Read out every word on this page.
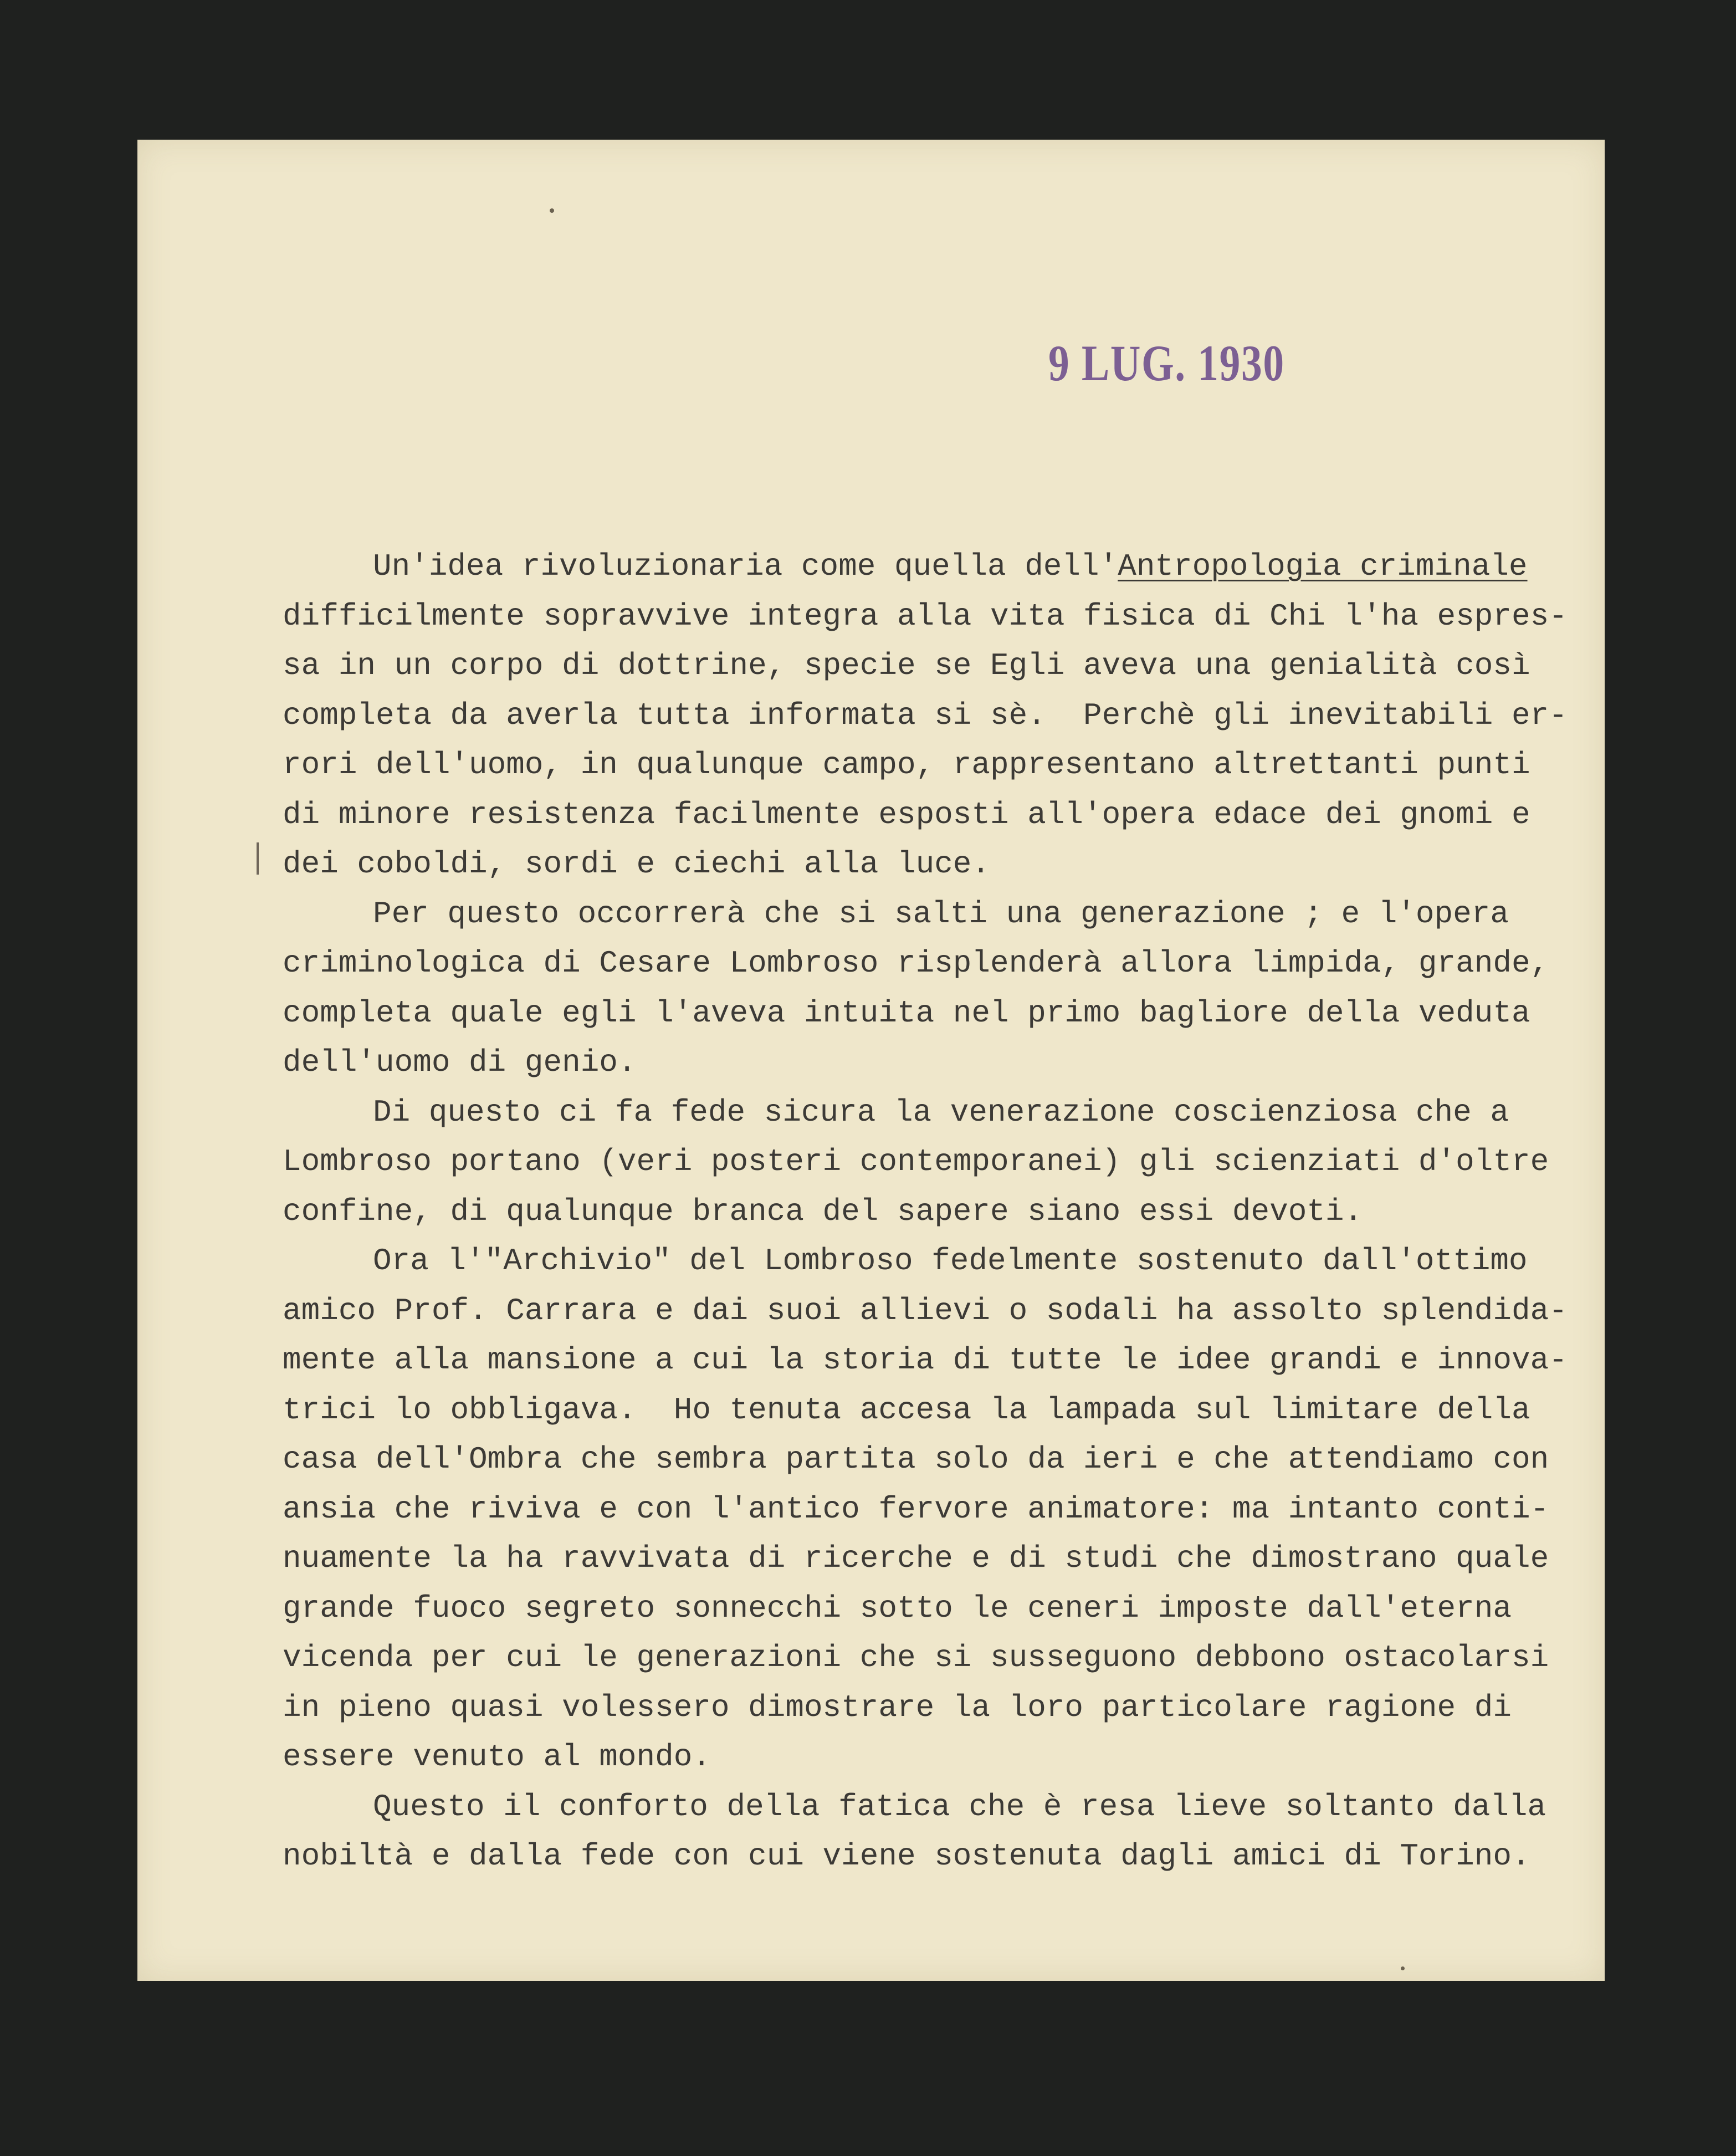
9 LUG. 1930
Un'idea rivoluzionaria come quella dell'Antropologia criminale
difficilmente sopravvive integra alla vita fisica di Chi l'ha espres-
sa in un corpo di dottrine, specie se Egli aveva una genialità così
completa da averla tutta informata si sè.  Perchè gli inevitabili er-
rori dell'uomo, in qualunque campo, rappresentano altrettanti punti
di minore resistenza facilmente esposti all'opera edace dei gnomi e
dei coboldi, sordi e ciechi alla luce.
Per questo occorrerà che si salti una generazione ; e l'opera
criminologica di Cesare Lombroso risplenderà allora limpida, grande,
completa quale egli l'aveva intuita nel primo bagliore della veduta
dell'uomo di genio.
Di questo ci fa fede sicura la venerazione coscienziosa che a
Lombroso portano (veri posteri contemporanei) gli scienziati d'oltre
confine, di qualunque branca del sapere siano essi devoti.
Ora l'"Archivio" del Lombroso fedelmente sostenuto dall'ottimo
amico Prof. Carrara e dai suoi allievi o sodali ha assolto splendida-
mente alla mansione a cui la storia di tutte le idee grandi e innova-
trici lo obbligava.  Ho tenuta accesa la lampada sul limitare della
casa dell'Ombra che sembra partita solo da ieri e che attendiamo con
ansia che riviva e con l'antico fervore animatore: ma intanto conti-
nuamente la ha ravvivata di ricerche e di studi che dimostrano quale
grande fuoco segreto sonnecchi sotto le ceneri imposte dall'eterna
vicenda per cui le generazioni che si susseguono debbono ostacolarsi
in pieno quasi volessero dimostrare la loro particolare ragione di
essere venuto al mondo.
Questo il conforto della fatica che è resa lieve soltanto dalla
nobiltà e dalla fede con cui viene sostenuta dagli amici di Torino.
